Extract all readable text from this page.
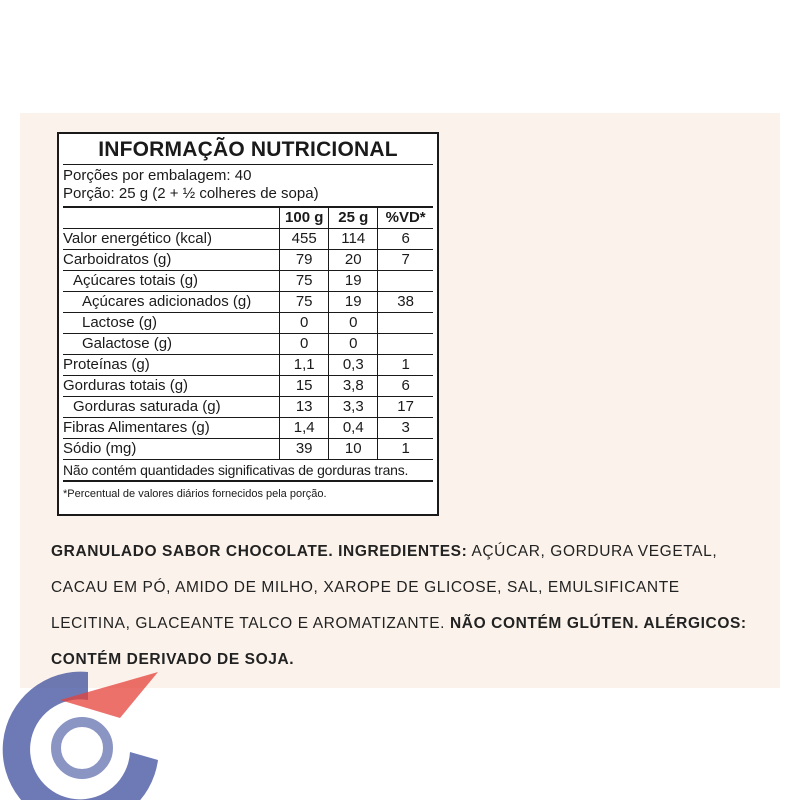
INFORMAÇÃO NUTRICIONAL
Porções por embalagem: 40
Porção: 25 g (2 + ½ colheres de sopa)
	100 g	25 g	%VD*
Valor energético (kcal)	455	114	6
Carboidratos (g)	79	20	7
Açúcares totais (g)	75	19	
Açúcares adicionados (g)	75	19	38
Lactose (g)	0	0	
Galactose (g)	0	0	
Proteínas (g)	1,1	0,3	1
Gorduras totais (g)	15	3,8	6
Gorduras saturada (g)	13	3,3	17
Fibras Alimentares (g)	1,4	0,4	3
Sódio (mg)	39	10	1
Não contém quantidades significativas de gorduras trans.
*Percentual de valores diários fornecidos pela porção.
GRANULADO SABOR CHOCOLATE. INGREDIENTES: AÇÚCAR, GORDURA VEGETAL,
CACAU EM PÓ, AMIDO DE MILHO, XAROPE DE GLICOSE, SAL, EMULSIFICANTE
LECITINA, GLACEANTE TALCO E AROMATIZANTE. NÃO CONTÉM GLÚTEN. ALÉRGICOS:
CONTÉM DERIVADO DE SOJA.
